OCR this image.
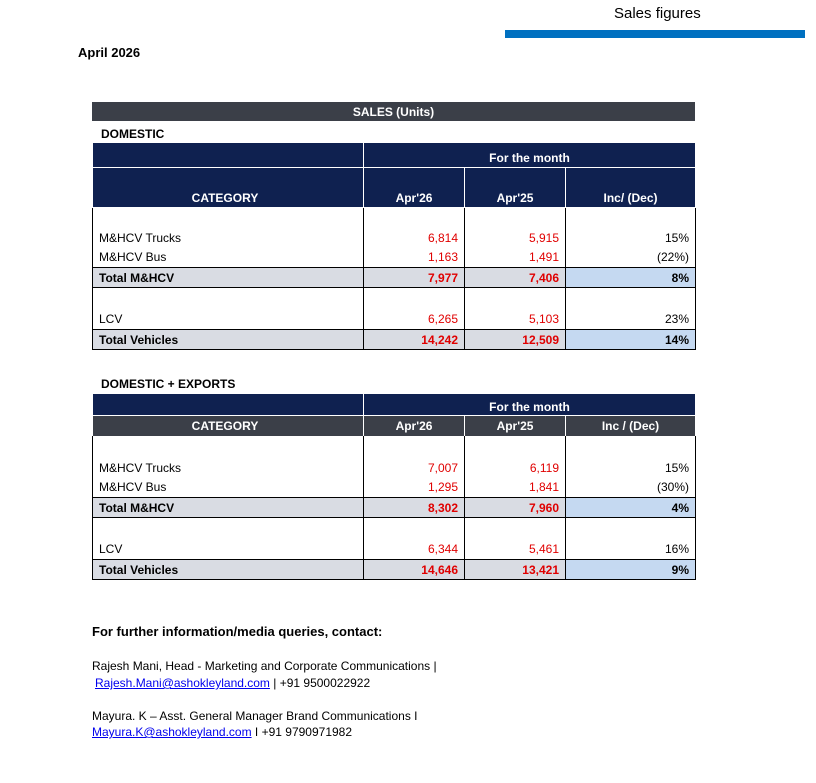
Sales figures
April 2026
SALES (Units)
DOMESTIC
	For the month		
CATEGORY	Apr'26	Apr'25	Inc/ (Dec)

M&HCV Trucks	6,814	5,915	15%
M&HCV Bus	1,163	1,491	(22%)
Total M&HCV	7,977	7,406	8%

LCV	6,265	5,103	23%
Total Vehicles	14,242	12,509	14%
DOMESTIC + EXPORTS
	For the month		
CATEGORY	Apr'26	Apr'25	Inc / (Dec)

M&HCV Trucks	7,007	6,119	15%
M&HCV Bus	1,295	1,841	(30%)
Total M&HCV	8,302	7,960	4%

LCV	6,344	5,461	16%
Total Vehicles	14,646	13,421	9%
For further information/media queries, contact:
Rajesh Mani, Head - Marketing and Corporate Communications |
Rajesh.Mani@ashokleyland.com | +91 9500022922
Mayura. K – Asst. General Manager Brand Communications I
Mayura.K@ashokleyland.com I +91 9790971982
